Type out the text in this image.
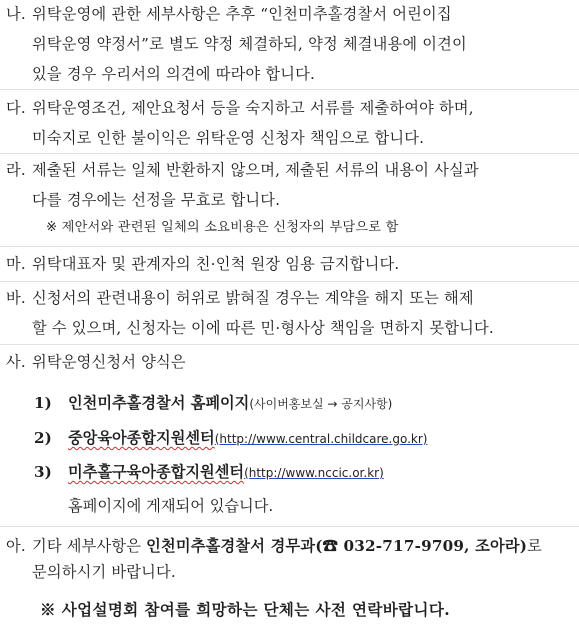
나. 위탁운영에 관한 세부사항은 추후 “인천미추홀경찰서 어린이집
위탁운영 약정서”로 별도 약정 체결하되, 약정 체결내용에 이견이
있을 경우 우리서의 의견에 따라야 합니다.
다. 위탁운영조건, 제안요청서 등을 숙지하고 서류를 제출하여야 하며,
미숙지로 인한 불이익은 위탁운영 신청자 책임으로 합니다.
라. 제출된 서류는 일체 반환하지 않으며, 제출된 서류의 내용이 사실과
다를 경우에는 선정을 무효로 합니다.
※ 제안서와 관련된 일체의 소요비용은 신청자의 부담으로 함
마. 위탁대표자 및 관계자의 친·인척 원장 임용 금지합니다.
바. 신청서의 관련내용이 허위로 밝혀질 경우는 계약을 해지 또는 해제
할 수 있으며, 신청자는 이에 따른 민·형사상 책임을 면하지 못합니다.
사. 위탁운영신청서 양식은
1) 인천미추홀경찰서 홈페이지(사이버홍보실 → 공지사항)
2) 중앙육아종합지원센터(http://www.central.childcare.go.kr)
3) 미추홀구육아종합지원센터(http://www.nccic.or.kr)
홈페이지에 게재되어 있습니다.
아. 기타 세부사항은 인천미추홀경찰서 경무과(☎ 032-717-9709, 조아라)로
문의하시기 바랍니다.
※ 사업설명회 참여를 희망하는 단체는 사전 연락바랍니다.
